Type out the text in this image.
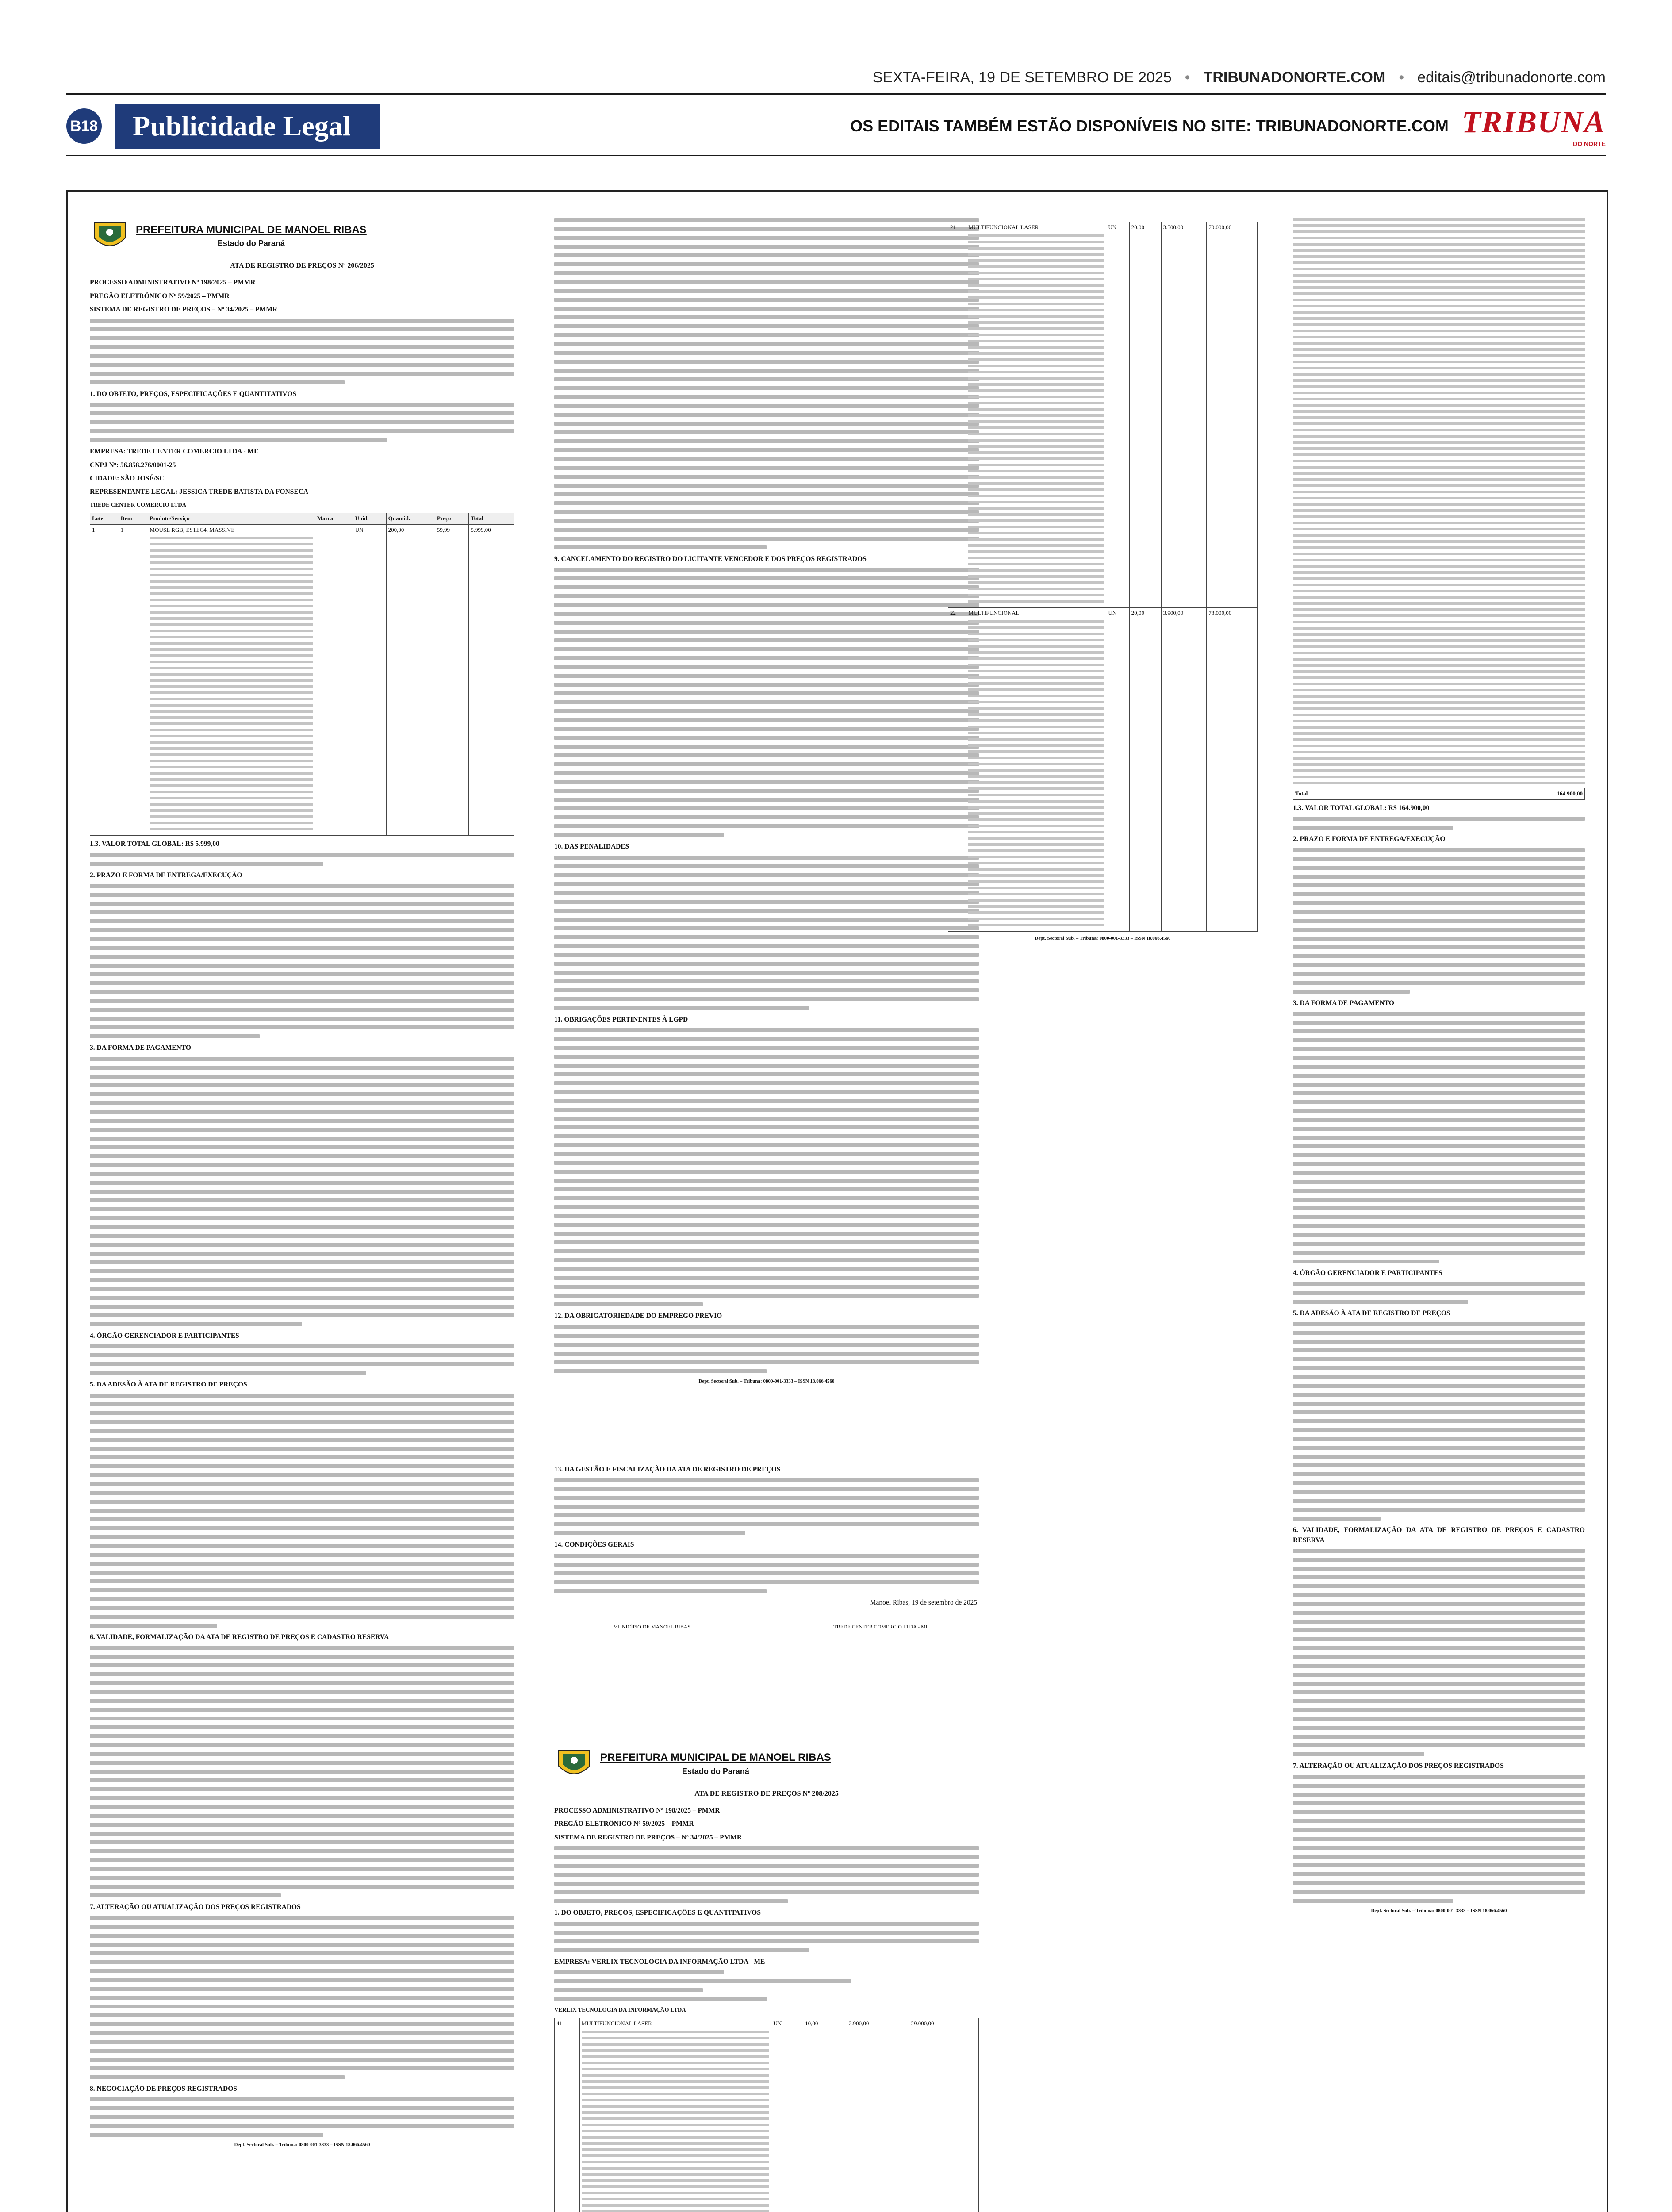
SEXTA-FEIRA, 19 DE SETEMBRO DE 2025 • TRIBUNADONORTE.COM • editais@tribunadonorte.com
B18	Publicidade Legal	OS EDITAIS TAMBÉM ESTÃO DISPONÍVEIS NO SITE: TRIBUNADONORTE.COM TRIBUNA
DO NORTE
PREFEITURA MUNICIPAL DE MANOEL RIBAS
Estado do Paraná
ATA DE REGISTRO DE PREÇOS Nº 206/2025

PROCESSO ADMINISTRATIVO Nº 198/2025 – PMMR

PREGÃO ELETRÔNICO Nº 59/2025 – PMMR

SISTEMA DE REGISTRO DE PREÇOS – Nº 34/2025 – PMMR

1. DO OBJETO, PREÇOS, ESPECIFICAÇÕES E QUANTITATIVOS

EMPRESA: TREDE CENTER COMERCIO LTDA - ME

CNPJ Nº: 56.858.276/0001-25

CIDADE: SÃO JOSÉ/SC

REPRESENTANTE LEGAL: JESSICA TREDE BATISTA DA FONSECA

TREDE CENTER COMERCIO LTDA
Lote	Item	Produto/Serviço	Marca	Unid.	Quantid.	Preço	Total
1	1	MOUSE RGB, ESTEC4, MASSIVE		UN	200,00	59,99	5.999,00

1.3. VALOR TOTAL GLOBAL: R$ 5.999,00

2. PRAZO E FORMA DE ENTREGA/EXECUÇÃO

3. DA FORMA DE PAGAMENTO

4. ÓRGÃO GERENCIADOR E PARTICIPANTES

5. DA ADESÃO À ATA DE REGISTRO DE PREÇOS

6. VALIDADE, FORMALIZAÇÃO DA ATA DE REGISTRO DE PREÇOS E CADASTRO RESERVA

7. ALTERAÇÃO OU ATUALIZAÇÃO DOS PREÇOS REGISTRADOS

8. NEGOCIAÇÃO DE PREÇOS REGISTRADOS

Dept. Sectoral Sub. – Tribuna: 0800-001-3333 – ISSN 18.066.4560

9. CANCELAMENTO DO REGISTRO DO LICITANTE VENCEDOR E DOS PREÇOS REGISTRADOS

10. DAS PENALIDADES

11. OBRIGAÇÕES PERTINENTES À LGPD

12. DA OBRIGATORIEDADE DO EMPREGO PREVIO

Dept. Sectoral Sub. – Tribuna: 0800-001-3333 – ISSN 18.066.4560

13. DA GESTÃO E FISCALIZAÇÃO DA ATA DE REGISTRO DE PREÇOS

14. CONDIÇÕES GERAIS

Manoel Ribas, 19 de setembro de 2025.

MUNICÍPIO DE MANOEL RIBAS	TREDE CENTER COMERCIO LTDA - ME
PREFEITURA MUNICIPAL DE MANOEL RIBAS
Estado do Paraná
ATA DE REGISTRO DE PREÇOS Nº 208/2025

PROCESSO ADMINISTRATIVO Nº 198/2025 – PMMR

PREGÃO ELETRÔNICO Nº 59/2025 – PMMR

SISTEMA DE REGISTRO DE PREÇOS – Nº 34/2025 – PMMR

1. DO OBJETO, PREÇOS, ESPECIFICAÇÕES E QUANTITATIVOS

EMPRESA: VERLIX TECNOLOGIA DA INFORMAÇÃO LTDA - ME

VERLIX TECNOLOGIA DA INFORMAÇÃO LTDA
41	MULTIFUNCIONAL LASER	UN	10,00	2.900,00	29.000,00
21	MULTIFUNCIONAL LASER	UN	20,00	3.500,00	70.000,00
22	MULTIFUNCIONAL	UN	20,00	3.900,00	78.000,00
Dept. Sectoral Sub. – Tribuna: 0800-001-3333 – ISSN 18.066.4560
Total	164.900,00

1.3. VALOR TOTAL GLOBAL: R$ 164.900,00

2. PRAZO E FORMA DE ENTREGA/EXECUÇÃO

3. DA FORMA DE PAGAMENTO

4. ÓRGÃO GERENCIADOR E PARTICIPANTES

5. DA ADESÃO À ATA DE REGISTRO DE PREÇOS

6. VALIDADE, FORMALIZAÇÃO DA ATA DE REGISTRO DE PREÇOS E CADASTRO RESERVA

7. ALTERAÇÃO OU ATUALIZAÇÃO DOS PREÇOS REGISTRADOS

Dept. Sectoral Sub. – Tribuna: 0800-001-3333 – ISSN 18.066.4560
